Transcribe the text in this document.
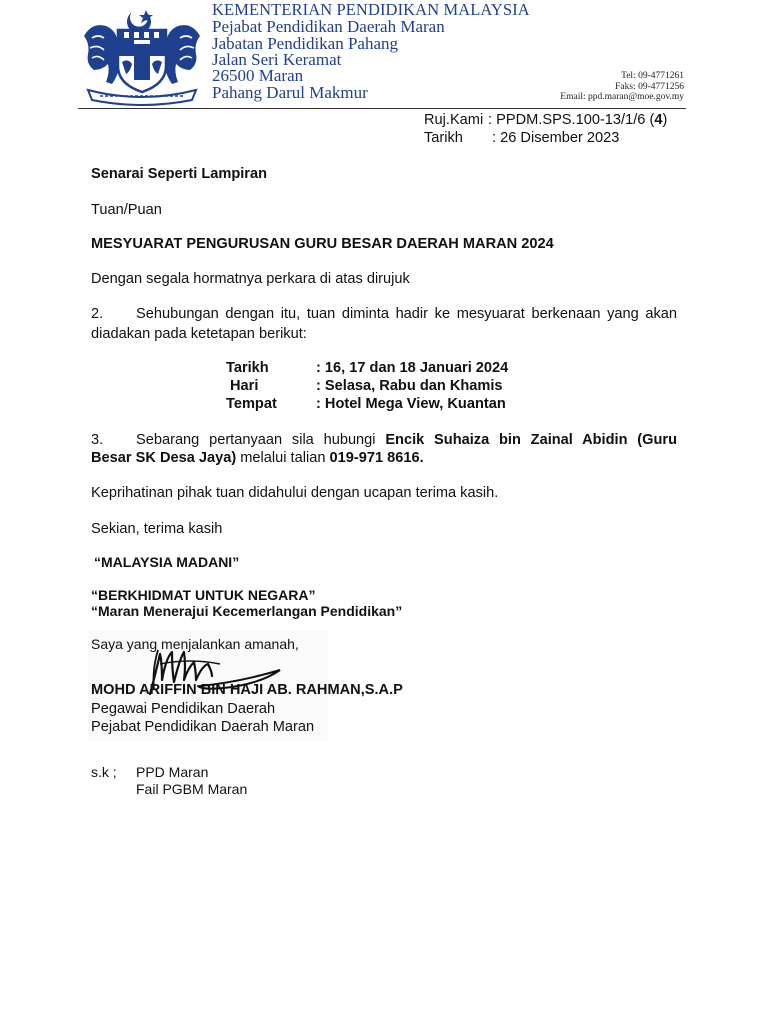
KEMENTERIAN PENDIDIKAN MALAYSIA
Pejabat Pendidikan Daerah Maran
Jabatan Pendidikan Pahang
Jalan Seri Keramat
26500 Maran
Pahang Darul Makmur
Tel: 09-4771261
Faks: 09-4771256
Email: ppd.maran@moe.gov.my
Ruj.Kami : PPDM.SPS.100-13/1/6 (4)
Tarikh : 26 Disember 2023
Senarai Seperti Lampiran
Tuan/Puan
MESYUARAT PENGURUSAN GURU BESAR DAERAH MARAN 2024
Dengan segala hormatnya perkara di atas dirujuk
2. Sehubungan dengan itu, tuan diminta hadir ke mesyuarat berkenaan yang akan
diadakan pada ketetapan berikut:
Tarikh	: 16, 17 dan 18 Januari 2024
Hari	: Selasa, Rabu dan Khamis
Tempat	: Hotel Mega View, Kuantan
3. Sebarang pertanyaan sila hubungi Encik Suhaiza bin Zainal Abidin (Guru
Besar SK Desa Jaya) melalui talian 019-971 8616.
Keprihatinan pihak tuan didahului dengan ucapan terima kasih.
Sekian, terima kasih
“MALAYSIA MADANI”
“BERKHIDMAT UNTUK NEGARA”
“Maran Menerajui Kecemerlangan Pendidikan”
Saya yang menjalankan amanah,
MOHD ARIFFIN BIN HAJI AB. RAHMAN,S.A.P
Pegawai Pendidikan Daerah
Pejabat Pendidikan Daerah Maran
s.k ; PPD Maran
Fail PGBM Maran
